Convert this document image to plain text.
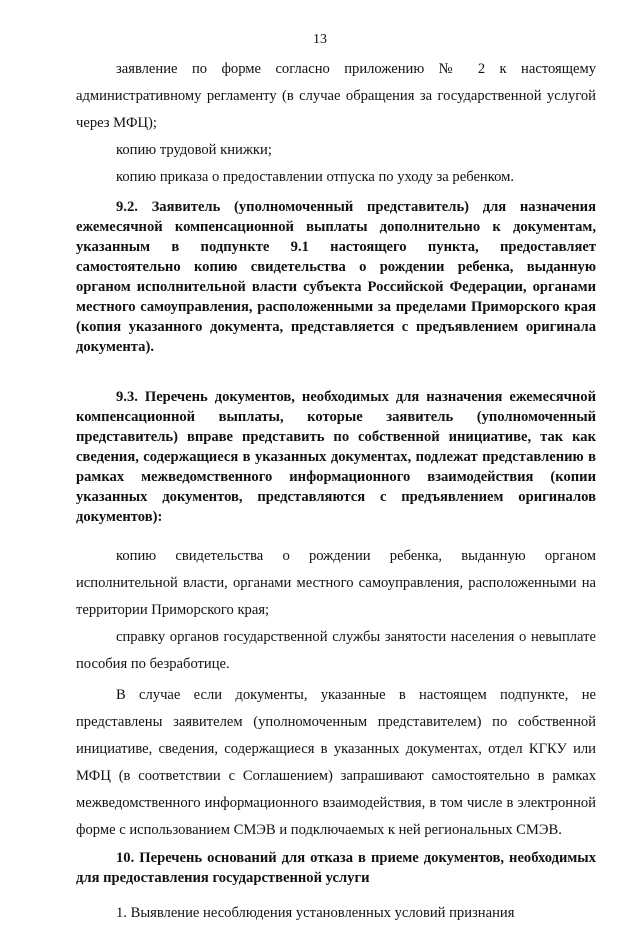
13

заявление по форме согласно приложению № 2 к настоящему административному регламенту (в случае обращения за государственной услугой через МФЦ);

копию трудовой книжки;

копию приказа о предоставлении отпуска по уходу за ребенком.

9.2. Заявитель (уполномоченный представитель) для назначения ежемесячной компенсационной выплаты дополнительно к документам, указанным в подпункте 9.1 настоящего пункта, предоставляет самостоятельно копию свидетельства о рождении ребенка, выданную органом исполнительной власти субъекта Российской Федерации, органами местного самоуправления, расположенными за пределами Приморского края (копия указанного документа, представляется с предъявлением оригинала документа).

9.3. Перечень документов, необходимых для назначения ежемесячной компенсационной выплаты, которые заявитель (уполномоченный представитель) вправе представить по собственной инициативе, так как сведения, содержащиеся в указанных документах, подлежат представлению в рамках межведомственного информационного взаимодействия (копии указанных документов, представляются с предъявлением оригиналов документов):

копию свидетельства о рождении ребенка, выданную органом исполнительной власти, органами местного самоуправления, расположенными на территории Приморского края;

справку органов государственной службы занятости населения о невыплате пособия по безработице.

В случае если документы, указанные в настоящем подпункте, не представлены заявителем (уполномоченным представителем) по собственной инициативе, сведения, содержащиеся в указанных документах, отдел КГКУ или МФЦ (в соответствии с Соглашением) запрашивают самостоятельно в рамках межведомственного информационного взаимодействия, в том числе в электронной форме с использованием СМЭВ и подключаемых к ней региональных СМЭВ.

10. Перечень оснований для отказа в приеме документов, необходимых для предоставления государственной услуги

1. Выявление несоблюдения установленных условий признания
